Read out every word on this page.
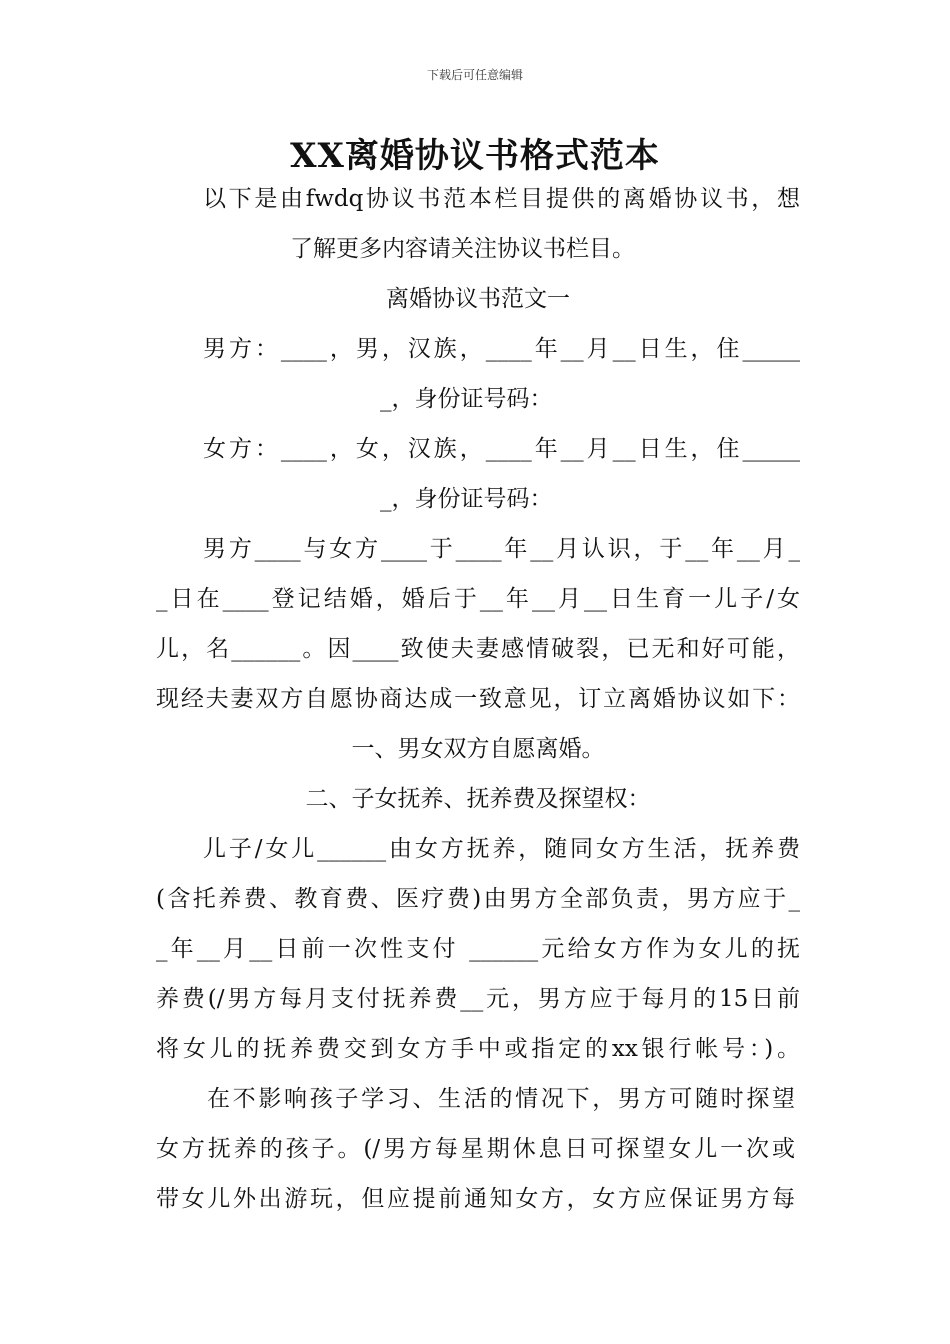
下载后可任意编辑
XX离婚协议书格式范本
以下是由fwdq协议书范本栏目提供的离婚协议书，想
了解更多内容请关注协议书栏目。
离婚协议书范文一
男方：____，男，汉族，____年__月__日生，住_____
_，身份证号码：
女方：____，女，汉族，____年__月__日生，住_____
_，身份证号码：
男方____与女方____于____年__月认识，于__年__月_
_日在____登记结婚，婚后于__年__月__日生育一儿子/女
儿，名______。因____致使夫妻感情破裂，已无和好可能，
现经夫妻双方自愿协商达成一致意见，订立离婚协议如下：
一、男女双方自愿离婚。
二、子女抚养、抚养费及探望权：
儿子/女儿______由女方抚养，随同女方生活，抚养费
(含托养费、教育费、医疗费)由男方全部负责，男方应于_
_年__月__日前一次性支付 ______元给女方作为女儿的抚
养费(/男方每月支付抚养费__元，男方应于每月的15日前
将女儿的抚养费交到女方手中或指定的xx银行帐号：)。
在不影响孩子学习、生活的情况下，男方可随时探望
女方抚养的孩子。(/男方每星期休息日可探望女儿一次或
带女儿外出游玩，但应提前通知女方，女方应保证男方每
